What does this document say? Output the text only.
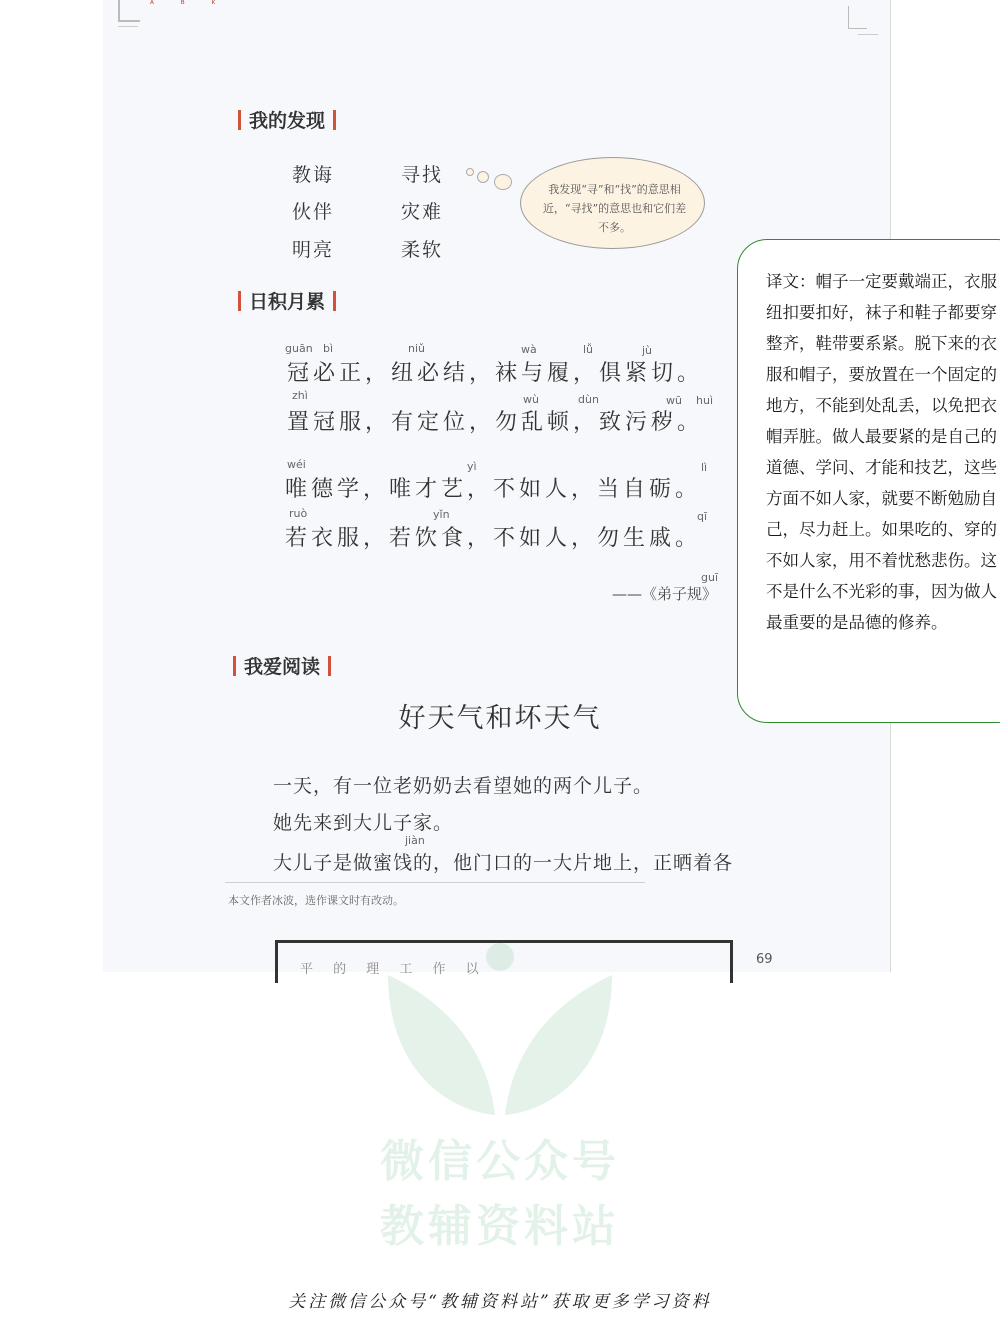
ᴬ ᴮ ᴷ
我的发现
教诲	寻找
伙伴	灾难
明亮	柔软
我发现“寻”和“找”的意思相近，“寻找”的意思也和它们差不多。
日积月累
guān bì	niǔ	wà	lǚ	jù
冠必正，纽必结，袜与履，俱紧切。
zhì	wù	dùn	wū huì
置冠服，有定位，勿乱顿，致污秽。
wéi	yì	lì
唯德学，唯才艺，不如人，当自砺。
ruò	yǐn	qī
若衣服，若饮食，不如人，勿生戚。
guī
——《弟子规》
我爱阅读
好天气和坏天气
一天，有一位老奶奶去看望她的两个儿子。
她先来到大儿子家。
jiàn
大儿子是做蜜饯的，他门口的一大片地上，正晒着各
本文作者冰波，选作课文时有改动。
平 的 理 工 作 以
69
译文：帽子一定要戴端正，衣服纽扣要扣好，袜子和鞋子都要穿整齐，鞋带要系紧。脱下来的衣服和帽子，要放置在一个固定的地方，不能到处乱丢，以免把衣帽弄脏。做人最要紧的是自己的道德、学问、才能和技艺，这些方面不如人家，就要不断勉励自己，尽力赶上。如果吃的、穿的不如人家，用不着忧愁悲伤。这不是什么不光彩的事，因为做人最重要的是品德的修养。
微信公众号
教辅资料站
关注微信公众号“教辅资料站”获取更多学习资料
